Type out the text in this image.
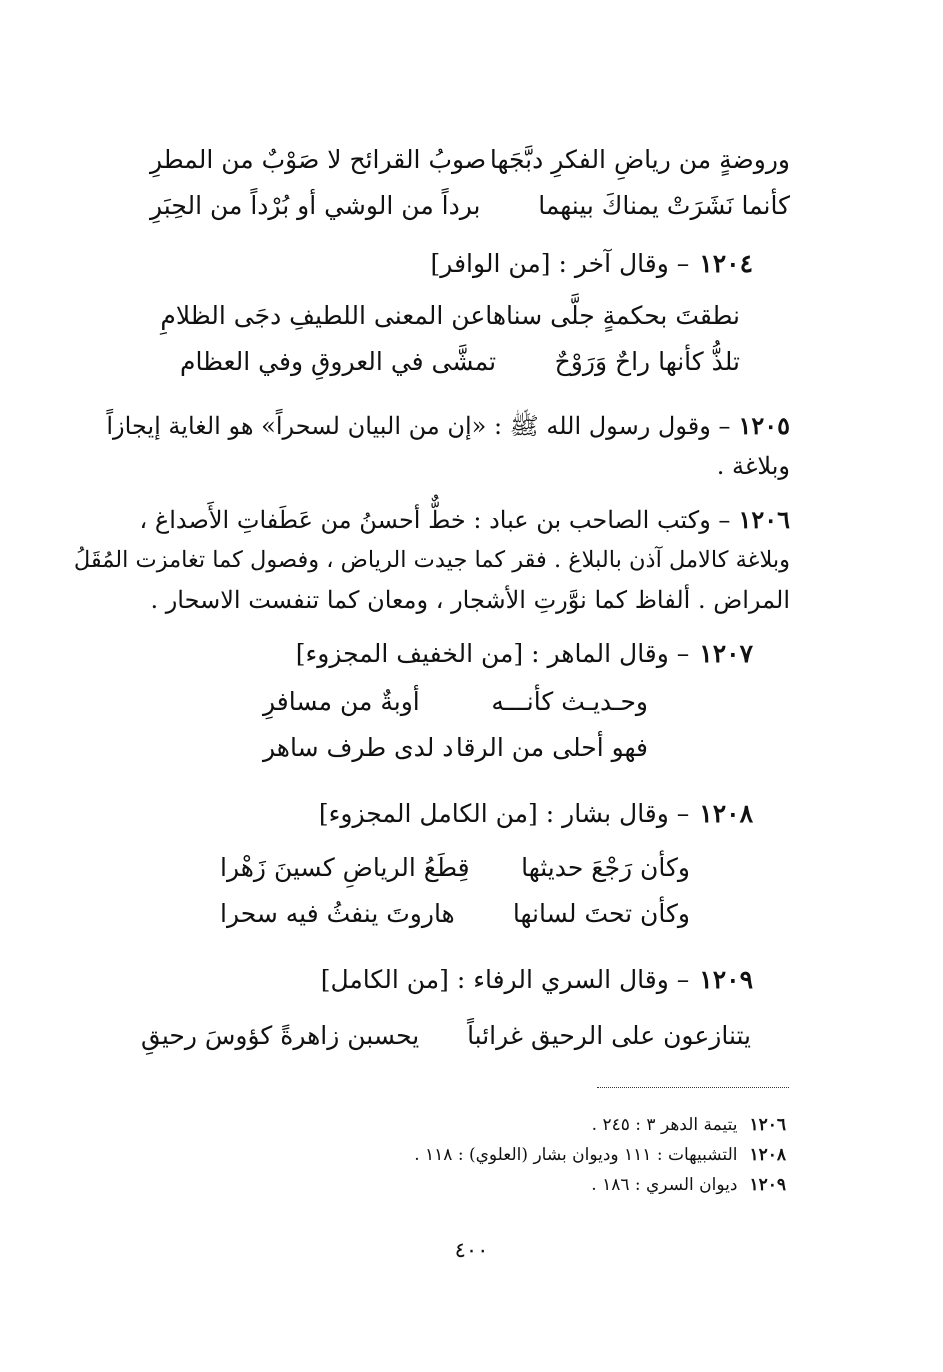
وروضةٍ من رياضِ الفكرِ دبَّجَها
صوبُ القرائح لا صَوْبٌ من المطرِ
كأنما نَشَرَتْ يمناكَ بينهما
برداً من الوشي أو بُرْداً من الحِبَرِ
١٢٠٤– وقال آخر : [من الوافر]
نطقتَ بحكمةٍ جلَّى سناها
عن المعنى اللطيفِ دجَى الظلامِ
تلذُّ كأنها راحٌ وَرَوْحٌ
تمشَّى في العروقِ وفي العظام
١٢٠٥– وقول رسول الله ﷺ : «إن من البيان لسحراً» هو الغاية إيجازاً
وبلاغة .
١٢٠٦– وكتب الصاحب بن عباد : خطٌّ أحسنُ من عَطَفاتِ الأَصداغ ،
وبلاغة كالامل آذن بالبلاغ . فقر كما جيدت الرياض ، وفصول كما تغامزت المُقَلُ
المراض . ألفاظ كما نوَّرتِ الأشجار ، ومعان كما تنفست الاسحار .
١٢٠٧– وقال الماهر : [من الخفيف المجزوء]
وحـديـث كأنـــه
أوبةٌ من مسافرِ
فهو أحلى من الرقا
د لدى طرف ساهر
١٢٠٨– وقال بشار : [من الكامل المجزوء]
وكأن رَجْعَ حديثها
قِطَعُ الرياضِ كسينَ زَهْرا
وكأن تحتَ لسانها
هاروتَ ينفثُ فيه سحرا
١٢٠٩– وقال السري الرفاء : [من الكامل]
يتنازعون على الرحيق غرائباً
يحسبن زاهرةً كؤوسَ رحيقِ
١٢٠٦يتيمة الدهر ٣ : ٢٤٥ .
١٢٠٨التشبيهات : ١١١ وديوان بشار (العلوي) : ١١٨ .
١٢٠٩ديوان السري : ١٨٦ .
٤٠٠
